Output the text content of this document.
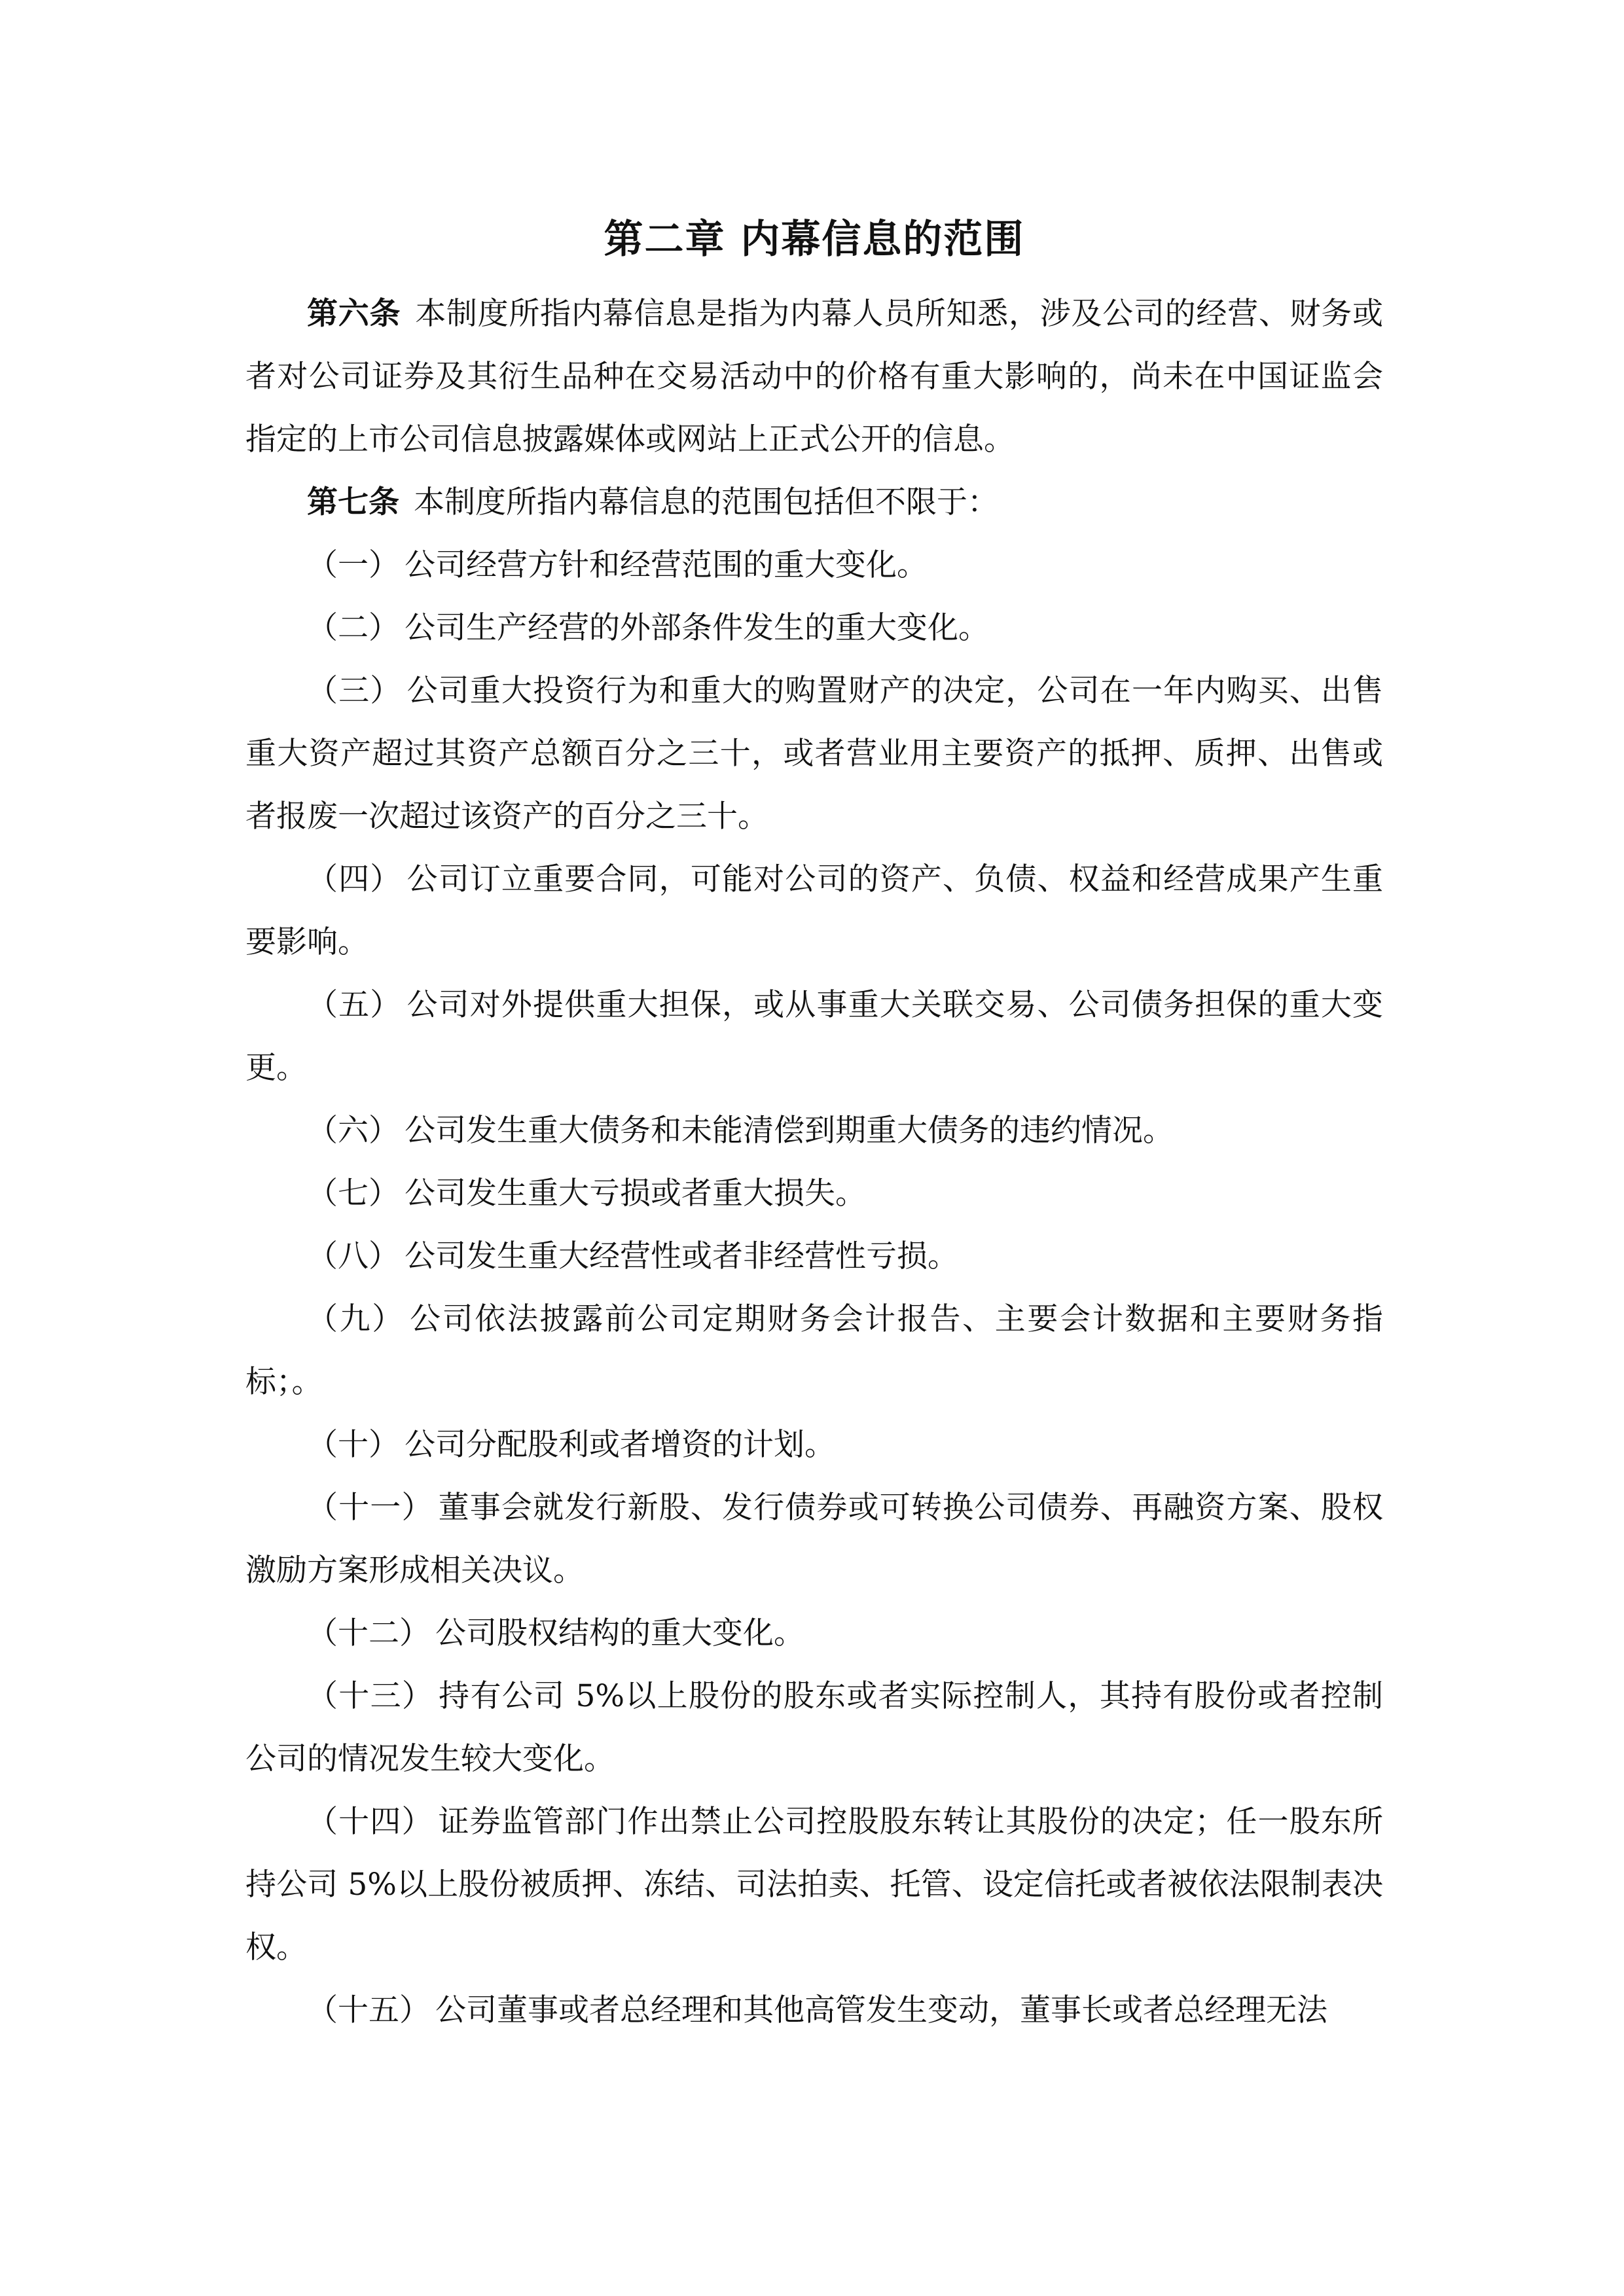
第二章 内幕信息的范围

第六条 本制度所指内幕信息是指为内幕人员所知悉，涉及公司的经营、财务或者对公司证券及其衍生品种在交易活动中的价格有重大影响的，尚未在中国证监会指定的上市公司信息披露媒体或网站上正式公开的信息。

第七条 本制度所指内幕信息的范围包括但不限于：

（一） 公司经营方针和经营范围的重大变化。

（二） 公司生产经营的外部条件发生的重大变化。

（三） 公司重大投资行为和重大的购置财产的决定，公司在一年内购买、出售重大资产超过其资产总额百分之三十，或者营业用主要资产的抵押、质押、出售或者报废一次超过该资产的百分之三十。

（四） 公司订立重要合同，可能对公司的资产、负债、权益和经营成果产生重要影响。

（五） 公司对外提供重大担保，或从事重大关联交易、公司债务担保的重大变更。

（六） 公司发生重大债务和未能清偿到期重大债务的违约情况。

（七） 公司发生重大亏损或者重大损失。

（八） 公司发生重大经营性或者非经营性亏损。

（九） 公司依法披露前公司定期财务会计报告、主要会计数据和主要财务指标；。

（十） 公司分配股利或者增资的计划。

（十一） 董事会就发行新股、发行债券或可转换公司债券、再融资方案、股权激励方案形成相关决议。

（十二） 公司股权结构的重大变化。

（十三） 持有公司 5%以上股份的股东或者实际控制人，其持有股份或者控制公司的情况发生较大变化。

（十四） 证券监管部门作出禁止公司控股股东转让其股份的决定；任一股东所持公司 5%以上股份被质押、冻结、司法拍卖、托管、设定信托或者被依法限制表决权。

（十五） 公司董事或者总经理和其他高管发生变动，董事长或者总经理无法
